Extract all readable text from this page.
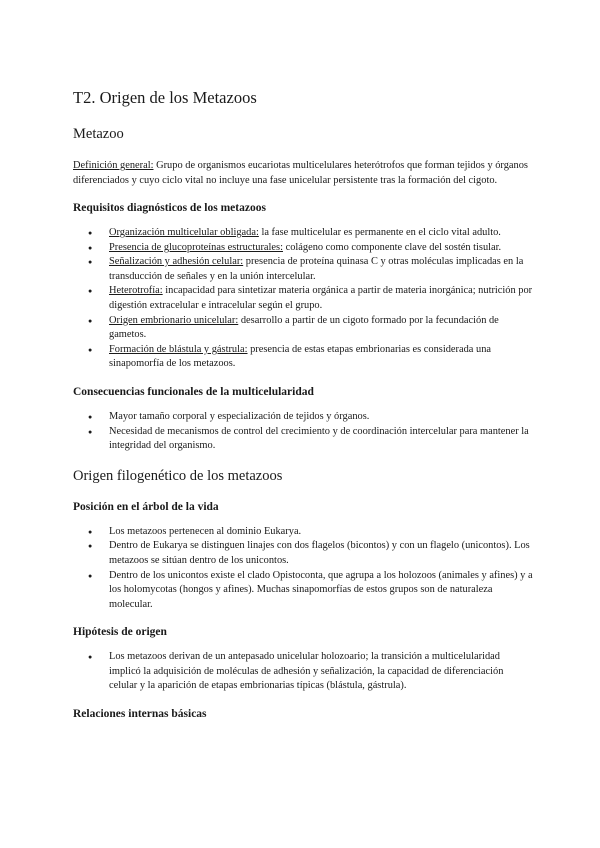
T2. Origen de los Metazoos
Metazoo

Definición general: Grupo de organismos eucariotas multicelulares heterótrofos que forman tejidos y órganos diferenciados y cuyo ciclo vital no incluye una fase unicelular persistente tras la formación del cigoto.

Requisitos diagnósticos de los metazoos
● Organización multicelular obligada: la fase multicelular es permanente en el ciclo vital adulto.
● Presencia de glucoproteínas estructurales: colágeno como componente clave del sostén tisular.
● Señalización y adhesión celular: presencia de proteína quinasa C y otras moléculas implicadas en la transducción de señales y en la unión intercelular.
● Heterotrofía: incapacidad para sintetizar materia orgánica a partir de materia inorgánica; nutrición por digestión extracelular e intracelular según el grupo.
● Origen embrionario unicelular: desarrollo a partir de un cigoto formado por la fecundación de gametos.
● Formación de blástula y gástrula: presencia de estas etapas embrionarias es considerada una sinapomorfía de los metazoos.
Consecuencias funcionales de la multicelularidad
● Mayor tamaño corporal y especialización de tejidos y órganos.
● Necesidad de mecanismos de control del crecimiento y de coordinación intercelular para mantener la integridad del organismo.
Origen filogenético de los metazoos
Posición en el árbol de la vida
● Los metazoos pertenecen al dominio Eukarya.
● Dentro de Eukarya se distinguen linajes con dos flagelos (bicontos) y con un flagelo (unicontos). Los metazoos se sitúan dentro de los unicontos.
● Dentro de los unicontos existe el clado Opistoconta, que agrupa a los holozoos (animales y afines) y a los holomycotas (hongos y afines). Muchas sinapomorfías de estos grupos son de naturaleza molecular.
Hipótesis de origen
● Los metazoos derivan de un antepasado unicelular holozoario; la transición a multicelularidad implicó la adquisición de moléculas de adhesión y señalización, la capacidad de diferenciación celular y la aparición de etapas embrionarias típicas (blástula, gástrula).
Relaciones internas básicas
